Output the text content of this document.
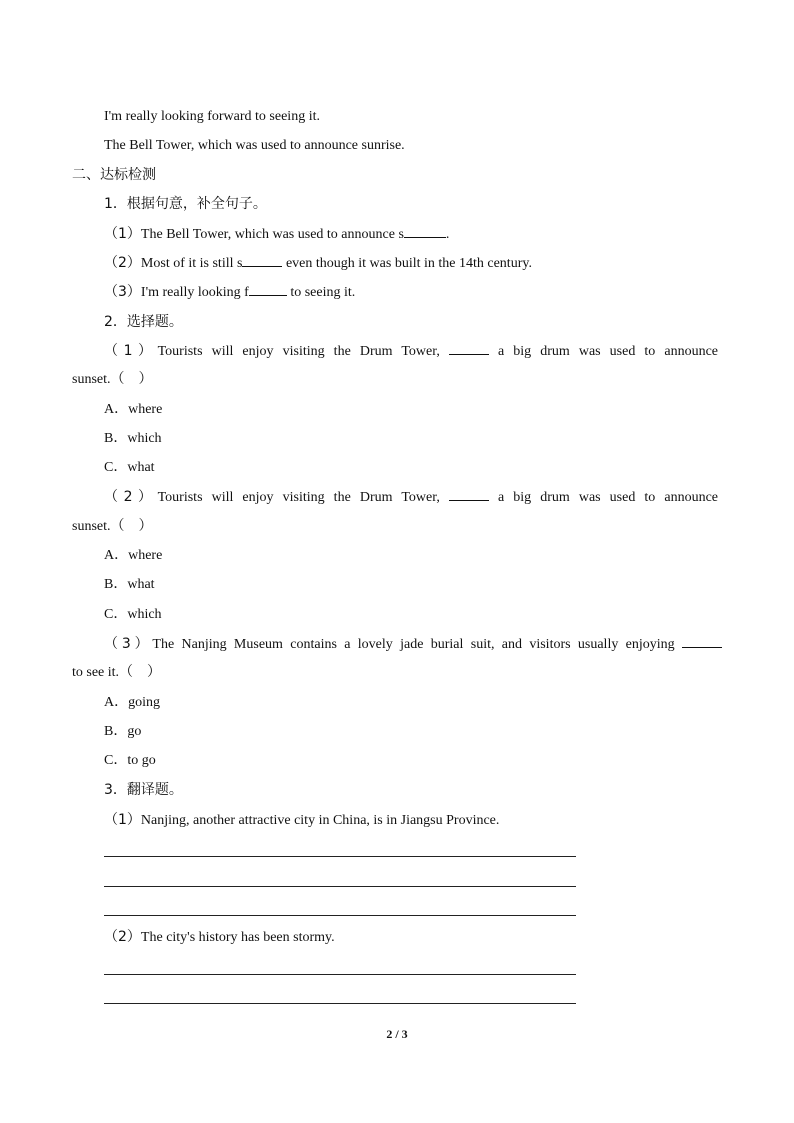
I'm really looking forward to seeing it.
The Bell Tower, which was used to announce sunrise.
二、达标检测
1．根据句意，补全句子。
（1）The Bell Tower, which was used to announce s	.
（2）Most of it is still s	even though it was built in the 14th century.
（3）I'm really looking f	to seeing it.
2．选择题。
（1）Tourists will enjoy visiting the Drum Tower,	a big drum was used to announce
sunset.（　）
A．where
B．which
C．what
（2）Tourists will enjoy visiting the Drum Tower,	a big drum was used to announce
sunset.（　）
A．where
B．what
C．which
（3）The Nanjing Museum contains a lovely jade burial suit, and visitors usually enjoying
to see it.（　）
A．going
B．go
C．to go
3．翻译题。
（1）Nanjing, another attractive city in China, is in Jiangsu Province.
（2）The city's history has been stormy.
2 / 3
